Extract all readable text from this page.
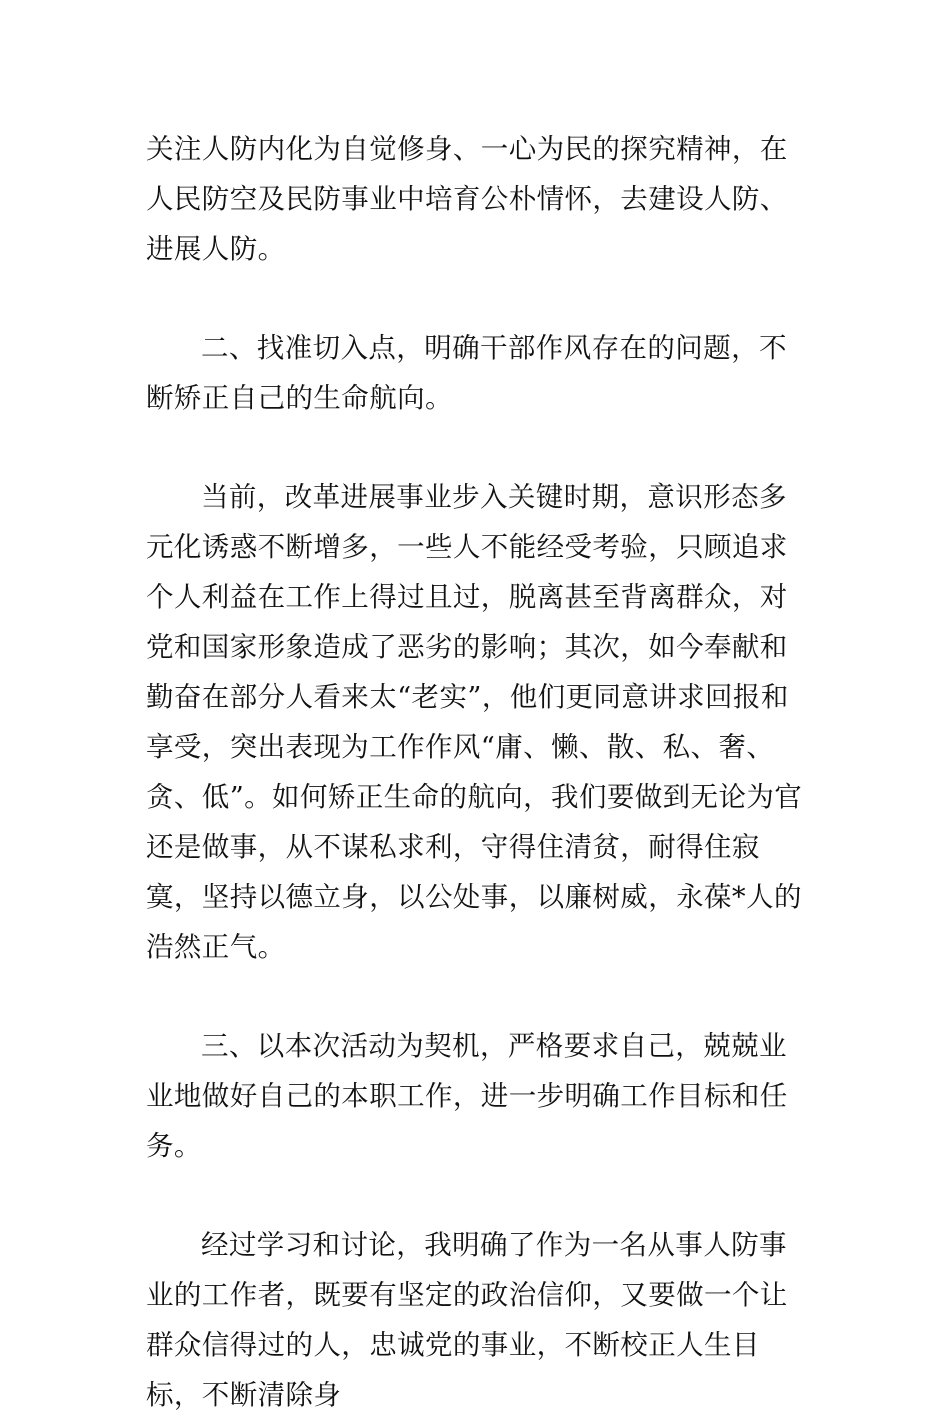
关注人防内化为自觉修身、一心为民的探究精神，在人民防空及民防事业中培育公朴情怀，去建设人防、进展人防。

二、找准切入点，明确干部作风存在的问题，不断矫正自己的生命航向。

当前，改革进展事业步入关键时期，意识形态多元化诱惑不断增多，一些人不能经受考验，只顾追求个人利益在工作上得过且过，脱离甚至背离群众，对党和国家形象造成了恶劣的影响；其次，如今奉献和勤奋在部分人看来太“老实”，他们更同意讲求回报和享受，突出表现为工作作风“庸、懒、散、私、奢、贪、低”。如何矫正生命的航向，我们要做到无论为官还是做事，从不谋私求利，守得住清贫，耐得住寂寞，坚持以德立身，以公处事，以廉树威，永葆*人的浩然正气。

三、以本次活动为契机，严格要求自己，兢兢业业地做好自己的本职工作，进一步明确工作目标和任务。

经过学习和讨论，我明确了作为一名从事人防事业的工作者，既要有坚定的政治信仰，又要做一个让群众信得过的人，忠诚党的事业，不断校正人生目标，不断清除身
